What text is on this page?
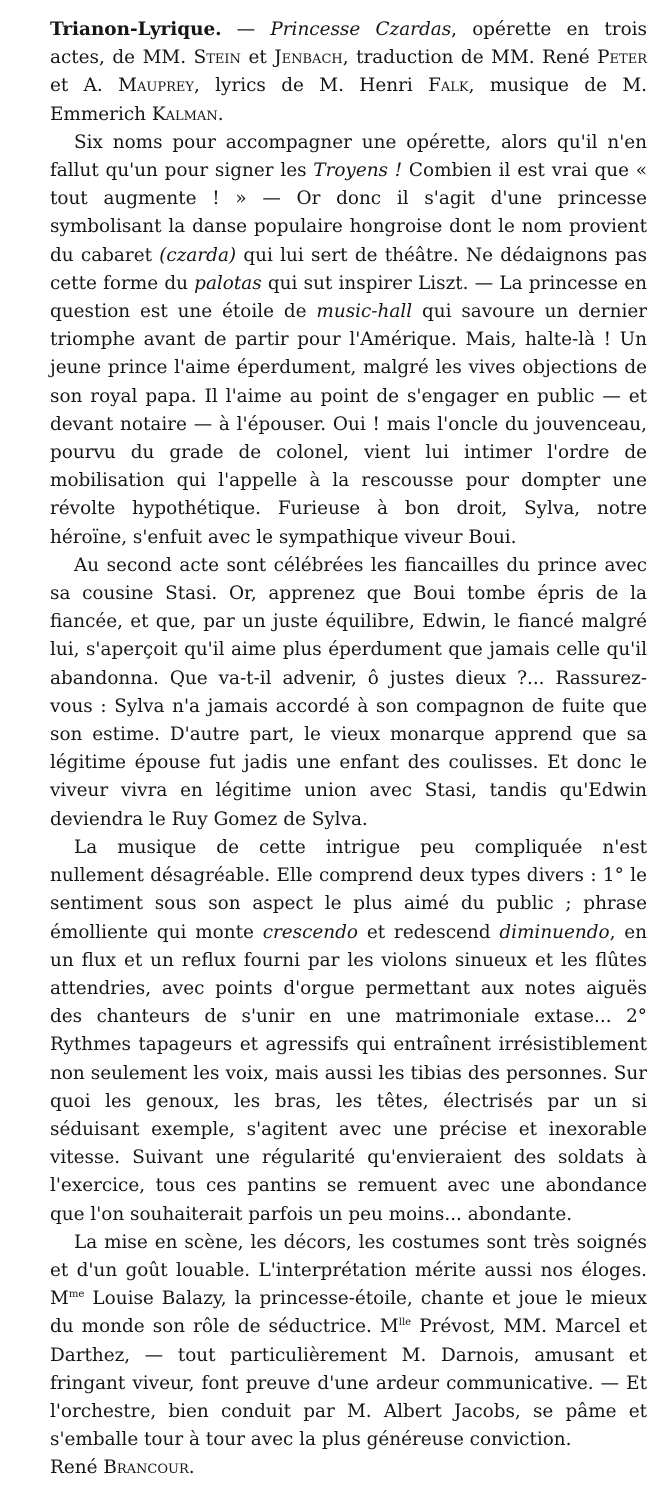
Trianon-Lyrique. — Princesse Czardas, opérette en trois actes, de MM. Stein et Jenbach, traduction de MM. René Peter et A. Mauprey, lyrics de M. Henri Falk, musique de M. Emmerich Kalman.

Six noms pour accompagner une opérette, alors qu'il n'en fallut qu'un pour signer les Troyens ! Combien il est vrai que « tout augmente ! » — Or donc il s'agit d'une princesse symbolisant la danse populaire hongroise dont le nom provient du cabaret (czarda) qui lui sert de théâtre. Ne dédaignons pas cette forme du palotas qui sut inspirer Liszt. — La princesse en question est une étoile de music-hall qui savoure un dernier triomphe avant de partir pour l'Amérique. Mais, halte-là ! Un jeune prince l'aime éperdument, malgré les vives objections de son royal papa. Il l'aime au point de s'engager en public — et devant notaire — à l'épouser. Oui ! mais l'oncle du jouvenceau, pourvu du grade de colonel, vient lui intimer l'ordre de mobilisation qui l'appelle à la rescousse pour dompter une révolte hypothétique. Furieuse à bon droit, Sylva, notre héroïne, s'enfuit avec le sympathique viveur Boui.

Au second acte sont célébrées les fiancailles du prince avec sa cousine Stasi. Or, apprenez que Boui tombe épris de la fiancée, et que, par un juste équilibre, Edwin, le fiancé malgré lui, s'aperçoit qu'il aime plus éperdument que jamais celle qu'il abandonna. Que va-t-il advenir, ô justes dieux ?... Rassurez-vous : Sylva n'a jamais accordé à son compagnon de fuite que son estime. D'autre part, le vieux monarque apprend que sa légitime épouse fut jadis une enfant des coulisses. Et donc le viveur vivra en légitime union avec Stasi, tandis qu'Edwin deviendra le Ruy Gomez de Sylva.

La musique de cette intrigue peu compliquée n'est nullement désagréable. Elle comprend deux types divers : 1° le sentiment sous son aspect le plus aimé du public ; phrase émolliente qui monte crescendo et redescend diminuendo, en un flux et un reflux fourni par les violons sinueux et les flûtes attendries, avec points d'orgue permettant aux notes aiguës des chanteurs de s'unir en une matrimoniale extase... 2° Rythmes tapageurs et agressifs qui entraînent irrésistiblement non seulement les voix, mais aussi les tibias des personnes. Sur quoi les genoux, les bras, les têtes, électrisés par un si séduisant exemple, s'agitent avec une précise et inexorable vitesse. Suivant une régularité qu'envieraient des soldats à l'exercice, tous ces pantins se remuent avec une abondance que l'on souhaiterait parfois un peu moins... abondante.

La mise en scène, les décors, les costumes sont très soignés et d'un goût louable. L'interprétation mérite aussi nos éloges. $M^{me}$ Louise Balazy, la princesse-étoile, chante et joue le mieux du monde son rôle de séductrice. $M^{lle}$ Prévost, MM. Marcel et Darthez, — tout particulièrement M. Darnois, amusant et fringant viveur, font preuve d'une ardeur communicative. — Et l'orchestre, bien conduit par M. Albert Jacobs, se pâme et s'emballe tour à tour avec la plus généreuse conviction.

René Brancour.
